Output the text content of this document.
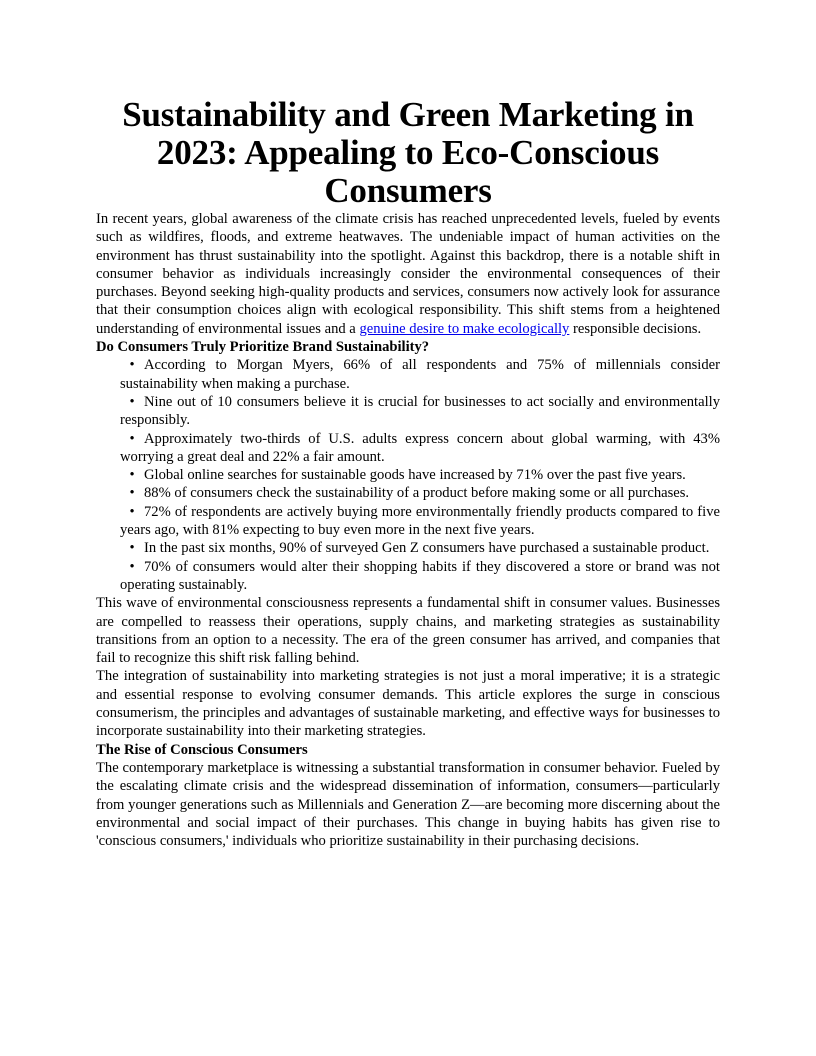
Sustainability and Green Marketing in 2023: Appealing to Eco-Conscious Consumers

In recent years, global awareness of the climate crisis has reached unprecedented levels, fueled by events such as wildfires, floods, and extreme heatwaves. The undeniable impact of human activities on the environment has thrust sustainability into the spotlight. Against this backdrop, there is a notable shift in consumer behavior as individuals increasingly consider the environmental consequences of their purchases. Beyond seeking high-quality products and services, consumers now actively look for assurance that their consumption choices align with ecological responsibility. This shift stems from a heightened understanding of environmental issues and a genuine desire to make ecologically responsible decisions.

Do Consumers Truly Prioritize Brand Sustainability?
• According to Morgan Myers, 66% of all respondents and 75% of millennials consider sustainability when making a purchase.
• Nine out of 10 consumers believe it is crucial for businesses to act socially and environmentally responsibly.
• Approximately two-thirds of U.S. adults express concern about global warming, with 43% worrying a great deal and 22% a fair amount.
• Global online searches for sustainable goods have increased by 71% over the past five years.
• 88% of consumers check the sustainability of a product before making some or all purchases.
• 72% of respondents are actively buying more environmentally friendly products compared to five years ago, with 81% expecting to buy even more in the next five years.
• In the past six months, 90% of surveyed Gen Z consumers have purchased a sustainable product.
• 70% of consumers would alter their shopping habits if they discovered a store or brand was not operating sustainably.

This wave of environmental consciousness represents a fundamental shift in consumer values. Businesses are compelled to reassess their operations, supply chains, and marketing strategies as sustainability transitions from an option to a necessity. The era of the green consumer has arrived, and companies that fail to recognize this shift risk falling behind.

The integration of sustainability into marketing strategies is not just a moral imperative; it is a strategic and essential response to evolving consumer demands. This article explores the surge in conscious consumerism, the principles and advantages of sustainable marketing, and effective ways for businesses to incorporate sustainability into their marketing strategies.

The Rise of Conscious Consumers

The contemporary marketplace is witnessing a substantial transformation in consumer behavior. Fueled by the escalating climate crisis and the widespread dissemination of information, consumers—particularly from younger generations such as Millennials and Generation Z—are becoming more discerning about the environmental and social impact of their purchases. This change in buying habits has given rise to 'conscious consumers,' individuals who prioritize sustainability in their purchasing decisions.
